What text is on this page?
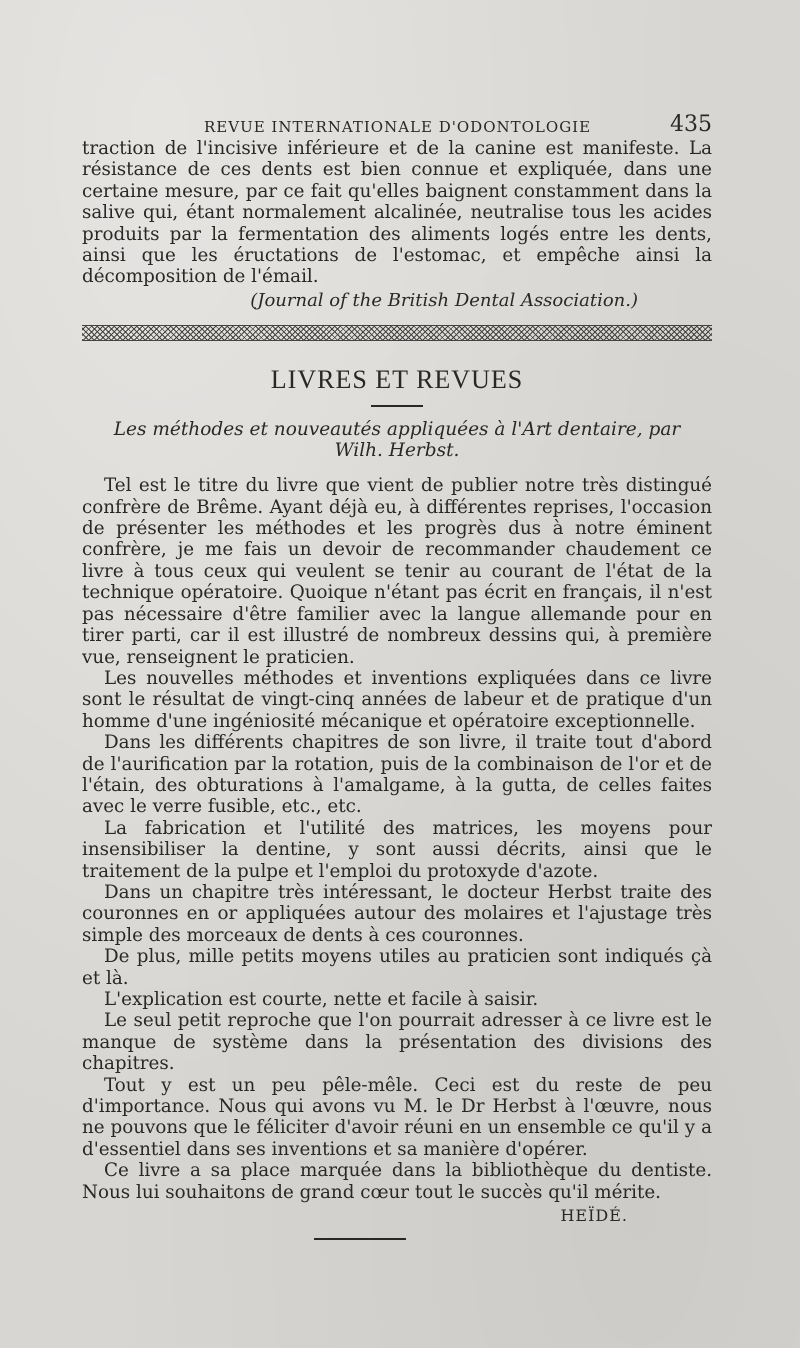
REVUE INTERNATIONALE D'ODONTOLOGIE	435

traction de l'incisive inférieure et de la canine est manifeste. La résistance de ces dents est bien connue et expliquée, dans une certaine mesure, par ce fait qu'elles baignent constamment dans la salive qui, étant normalement alcalinée, neutralise tous les acides produits par la fermentation des aliments logés entre les dents, ainsi que les éructations de l'estomac, et empêche ainsi la décomposition de l'émail.

(Journal of the British Dental Association.)
LIVRES ET REVUES
Les méthodes et nouveautés appliquées à l'Art dentaire, par Wilh. Herbst.

Tel est le titre du livre que vient de publier notre très distingué confrère de Brême. Ayant déjà eu, à différentes reprises, l'occasion de présenter les méthodes et les progrès dus à notre éminent confrère, je me fais un devoir de recommander chaudement ce livre à tous ceux qui veulent se tenir au courant de l'état de la technique opératoire. Quoique n'étant pas écrit en français, il n'est pas nécessaire d'être familier avec la langue allemande pour en tirer parti, car il est illustré de nombreux dessins qui, à première vue, renseignent le praticien.

Les nouvelles méthodes et inventions expliquées dans ce livre sont le résultat de vingt-cinq années de labeur et de pratique d'un homme d'une ingéniosité mécanique et opératoire exceptionnelle.

Dans les différents chapitres de son livre, il traite tout d'abord de l'aurification par la rotation, puis de la combinaison de l'or et de l'étain, des obturations à l'amalgame, à la gutta, de celles faites avec le verre fusible, etc., etc.

La fabrication et l'utilité des matrices, les moyens pour insensibiliser la dentine, y sont aussi décrits, ainsi que le traitement de la pulpe et l'emploi du protoxyde d'azote.

Dans un chapitre très intéressant, le docteur Herbst traite des couronnes en or appliquées autour des molaires et l'ajustage très simple des morceaux de dents à ces couronnes.

De plus, mille petits moyens utiles au praticien sont indiqués çà et là.

L'explication est courte, nette et facile à saisir.

Le seul petit reproche que l'on pourrait adresser à ce livre est le manque de système dans la présentation des divisions des chapitres.

Tout y est un peu pêle-mêle. Ceci est du reste de peu d'importance. Nous qui avons vu M. le Dr Herbst à l'œuvre, nous ne pouvons que le féliciter d'avoir réuni en un ensemble ce qu'il y a d'essentiel dans ses inventions et sa manière d'opérer.

Ce livre a sa place marquée dans la bibliothèque du dentiste. Nous lui souhaitons de grand cœur tout le succès qu'il mérite.

HEÏDÉ.
